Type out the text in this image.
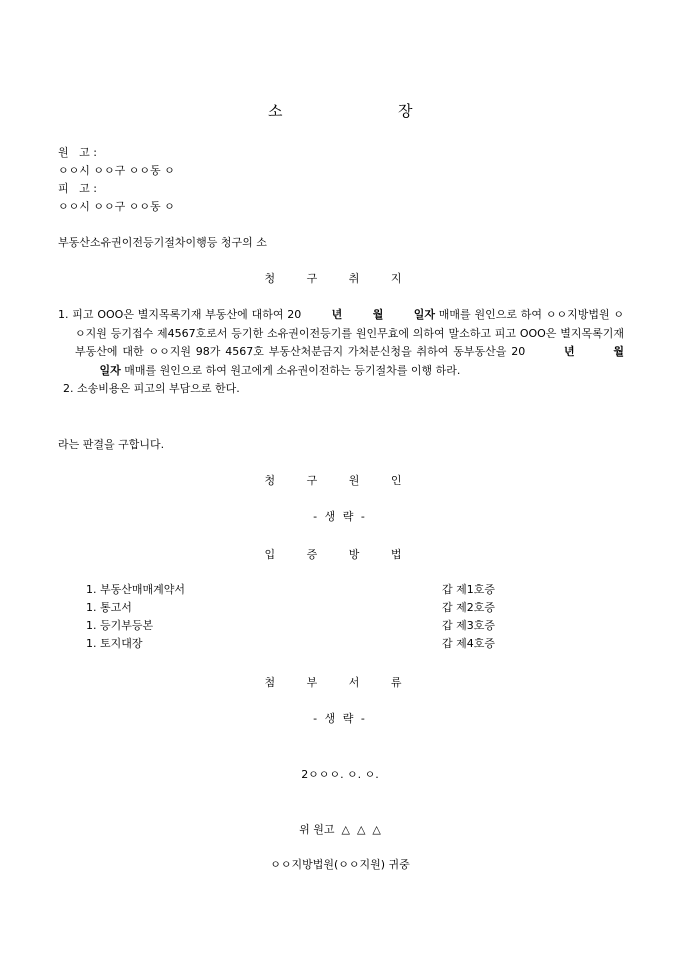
소	장
원   고 :
ㅇㅇ시 ㅇㅇ구 ㅇㅇ동 ㅇ
피   고 :
ㅇㅇ시 ㅇㅇ구 ㅇㅇ동 ㅇ
부동산소유권이전등기절차이행등 청구의 소
청 구 취 지
1. 피고 OOO은 별지목록기재 부동산에 대하여 20	년	월	일자 매매를 원인으로 하여 ㅇㅇ지방법원 ㅇㅇ지원 등기접수 제4567호로서 등기한 소유권이전등기를 원인무효에 의하여 말소하고 피고 OOO은 별지목록기재 부동산에 대한 ㅇㅇ지원 98가 4567호 부동산처분금지 가처분신청을 취하여 동부동산을 20	년	월        일자 매매를 원인으로 하여 원고에게 소유권이전하는 등기절차를 이행 하라.
2. 소송비용은 피고의 부담으로 한다.
라는 판결을 구합니다.
청 구 원 인
- 생 략 -
입 증 방 법
1. 부동산매매계약서	갑 제1호증
1. 통고서	갑 제2호증
1. 등기부등본	갑 제3호증
1. 토지대장	갑 제4호증
첨 부 서 류
- 생 략 -
2ㅇㅇㅇ. ㅇ. ㅇ.
위 원고  △  △  △
ㅇㅇ지방법원(ㅇㅇ지원) 귀중
